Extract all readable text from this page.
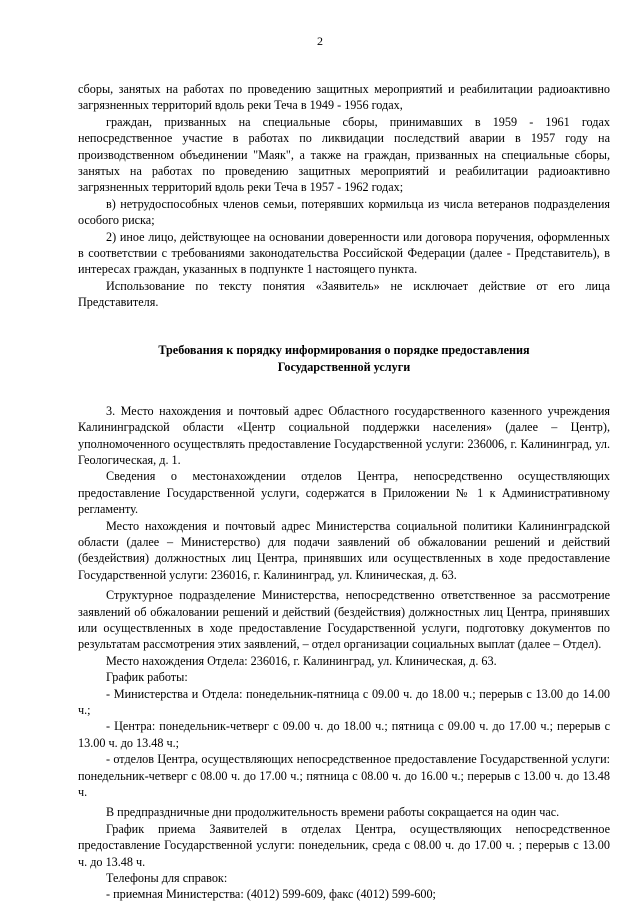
2

сборы, занятых на работах по проведению защитных мероприятий и реабилитации радиоактивно загрязненных территорий вдоль реки Теча в 1949 - 1956 годах,

граждан, призванных на специальные сборы, принимавших в 1959 - 1961 годах непосредственное участие в работах по ликвидации последствий аварии в 1957 году на производственном объединении "Маяк", а также на граждан, призванных на специальные сборы, занятых на работах по проведению защитных мероприятий и реабилитации радиоактивно загрязненных территорий вдоль реки Теча в 1957 - 1962 годах;

в) нетрудоспособных членов семьи, потерявших кормильца из числа ветеранов подразделения особого риска;

2) иное лицо, действующее на основании доверенности или договора поручения, оформленных в соответствии с требованиями законодательства Российской Федерации (далее - Представитель), в интересах граждан, указанных в подпункте 1 настоящего пункта.

Использование по тексту понятия «Заявитель» не исключает действие от его лица Представителя.

Требования к порядку информирования о порядке предоставления Государственной услуги

3. Место нахождения и почтовый адрес Областного государственного казенного учреждения Калининградской области «Центр социальной поддержки населения» (далее – Центр), уполномоченного осуществлять предоставление Государственной услуги: 236006, г. Калининград, ул. Геологическая, д. 1.

Сведения о местонахождении отделов Центра, непосредственно осуществляющих предоставление Государственной услуги, содержатся в Приложении № 1 к Административному регламенту.

Место нахождения и почтовый адрес Министерства социальной политики Калининградской области (далее – Министерство) для подачи заявлений об обжаловании решений и действий (бездействия) должностных лиц Центра, принявших или осуществленных в ходе предоставление Государственной услуги: 236016, г. Калининград, ул. Клиническая, д. 63.

Структурное подразделение Министерства, непосредственно ответственное за рассмотрение заявлений об обжаловании решений и действий (бездействия) должностных лиц Центра, принявших или осуществленных в ходе предоставление Государственной услуги, подготовку документов по результатам рассмотрения этих заявлений, – отдел организации социальных выплат (далее – Отдел).

Место нахождения Отдела: 236016, г. Калининград, ул. Клиническая, д. 63.

График работы:

- Министерства и Отдела: понедельник-пятница с 09.00 ч. до 18.00 ч.; перерыв с 13.00 до 14.00 ч.;

- Центра: понедельник-четверг с 09.00 ч. до 18.00 ч.; пятница с 09.00 ч. до 17.00 ч.; перерыв с 13.00 ч. до 13.48 ч.;

- отделов Центра, осуществляющих непосредственное предоставление Государственной услуги: понедельник-четверг с 08.00 ч. до 17.00 ч.; пятница с 08.00 ч. до 16.00 ч.; перерыв с 13.00 ч. до 13.48 ч.

В предпраздничные дни продолжительность времени работы сокращается на один час.

График приема Заявителей в отделах Центра, осуществляющих непосредственное предоставление Государственной услуги: понедельник, среда с 08.00 ч. до 17.00 ч. ; перерыв с 13.00 ч. до 13.48 ч.

Телефоны для справок:

- приемная Министерства: (4012) 599-609, факс (4012) 599-600;
